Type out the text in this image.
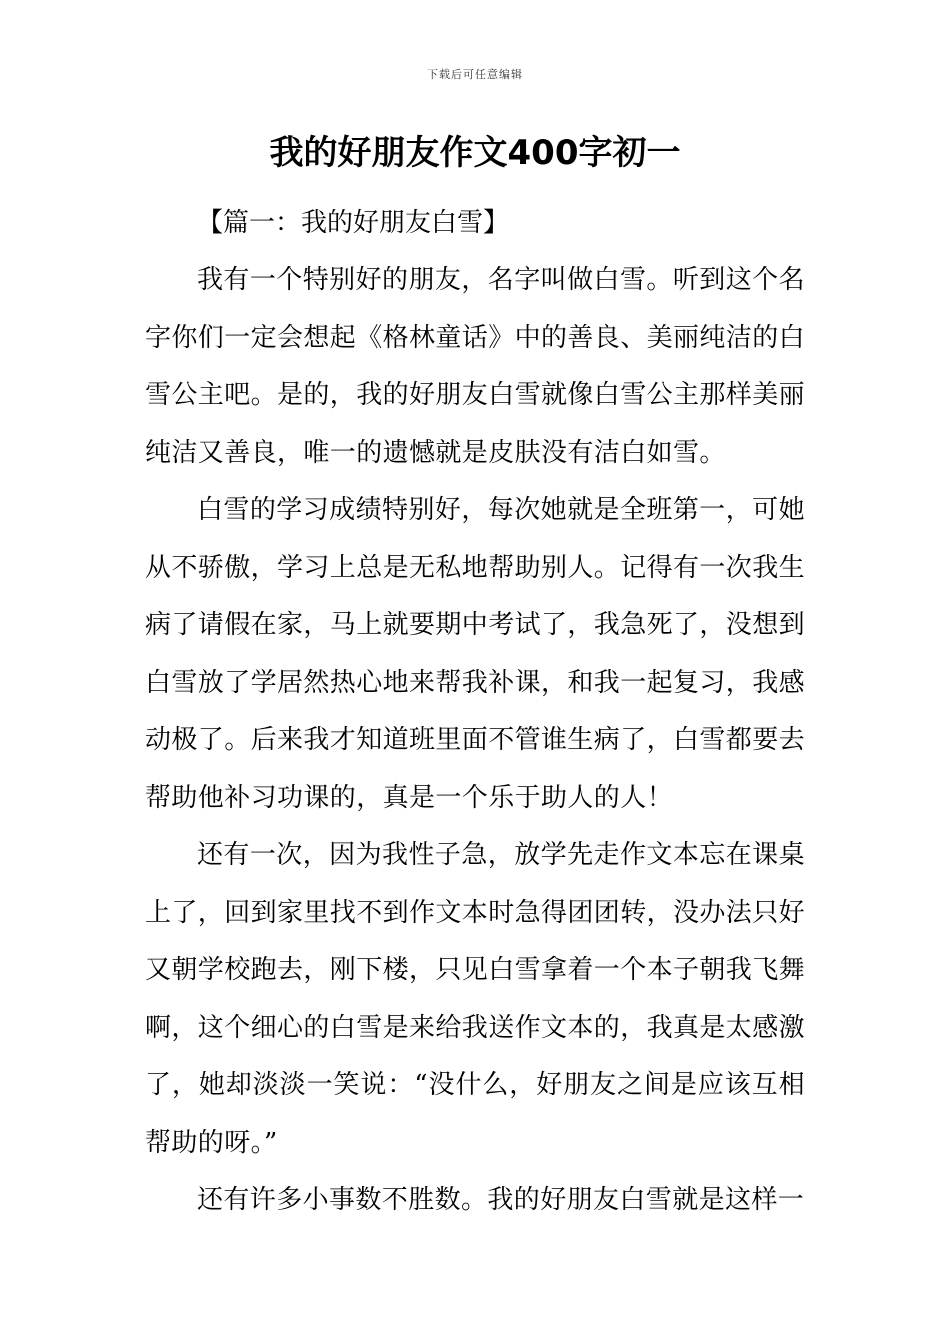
下载后可任意编辑
我的好朋友作文400字初一

【篇一：我的好朋友白雪】

我有一个特别好的朋友，名字叫做白雪。听到这个名字你们一定会想起《格林童话》中的善良、美丽纯洁的白雪公主吧。是的，我的好朋友白雪就像白雪公主那样美丽纯洁又善良，唯一的遗憾就是皮肤没有洁白如雪。

白雪的学习成绩特别好，每次她就是全班第一，可她从不骄傲，学习上总是无私地帮助别人。记得有一次我生病了请假在家，马上就要期中考试了，我急死了，没想到白雪放了学居然热心地来帮我补课，和我一起复习，我感动极了。后来我才知道班里面不管谁生病了，白雪都要去帮助他补习功课的，真是一个乐于助人的人！

还有一次，因为我性子急，放学先走作文本忘在课桌上了，回到家里找不到作文本时急得团团转，没办法只好又朝学校跑去，刚下楼，只见白雪拿着一个本子朝我飞舞啊，这个细心的白雪是来给我送作文本的，我真是太感激了，她却淡淡一笑说：“没什么，好朋友之间是应该互相帮助的呀。”

还有许多小事数不胜数。我的好朋友白雪就是这样一
